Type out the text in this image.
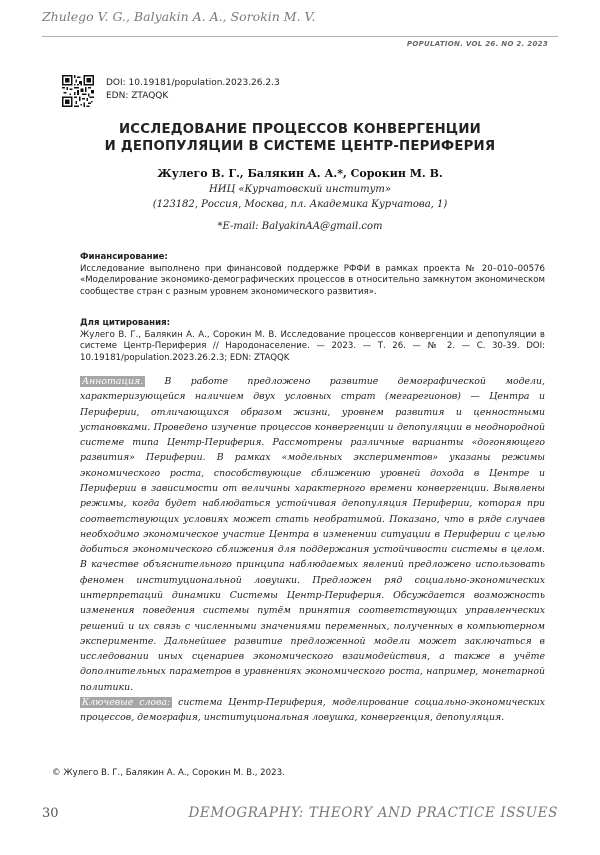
Zhulego V. G., Balyakin A. A., Sorokin M. V.
POPULATION. VOL 26. NO 2. 2023
DOI: 10.19181/population.2023.26.2.3
EDN: ZTAQQK
ИССЛЕДОВАНИЕ ПРОЦЕССОВ КОНВЕРГЕНЦИИ
И ДЕПОПУЛЯЦИИ В СИСТЕМЕ ЦЕНТР-ПЕРИФЕРИЯ
Жулего В. Г., Балякин А. А.*, Сорокин М. В.
НИЦ «Курчатовский институт»
(123182, Россия, Москва, пл. Академика Курчатова, 1)
*E-mail: BalyakinAA@gmail.com
Финансирование:
Исследование выполнено при финансовой поддержке РФФИ в рамках проекта № 20–010–00576 «Моделирование экономико-демографических процессов в относительно замкнутом экономическом сообществе стран с разным уровнем экономического развития».
Для цитирования:
Жулего В. Г., Балякин А. А., Сорокин М. В. Исследование процессов конвергенции и депопуляции в системе Центр-Периферия // Народонаселение. — 2023. — Т. 26. — № 2. — С. 30-39. DOI: 10.19181/population.2023.26.2.3; EDN: ZTAQQK
Аннотация. В работе предложено развитие демографической модели, характеризующейся наличием двух условных страт (мегарегионов) — Центра и Периферии, отличающихся образом жизни, уровнем развития и ценностными установками. Проведено изучение процессов конвергенции и депопуляции в неоднородной системе типа Центр-Периферия. Рассмотрены различные варианты «догоняющего развития» Периферии. В рамках «модельных экспериментов» указаны режимы экономического роста, способствующие сближению уровней дохода в Центре и Периферии в зависимости от величины характерного времени конвергенции. Выявлены режимы, когда будет наблюдаться устойчивая депопуляция Периферии, которая при соответствующих условиях может стать необратимой. Показано, что в ряде случаев необходимо экономическое участие Центра в изменении ситуации в Периферии с целью добиться экономического сближения для поддержания устойчивости системы в целом. В качестве объяснительного принципа наблюдаемых явлений предложено использовать феномен институциональной ловушки. Предложен ряд социально-экономических интерпретаций динамики Системы Центр-Периферия. Обсуждается возможность изменения поведения системы путём принятия соответствующих управленческих решений и их связь с численными значениями переменных, полученных в компьютерном эксперименте. Дальнейшее развитие предложенной модели может заключаться в исследовании иных сценариев экономического взаимодействия, а также в учёте дополнительных параметров в уравнениях экономического роста, например, монетарной политики.
Ключевые слова: система Центр-Периферия, моделирование социально-экономических процессов, демография, институциональная ловушка, конвергенция, депопуляция.
© Жулего В. Г., Балякин А. А., Сорокин М. В., 2023.
30	DEMOGRAPHY: THEORY AND PRACTICE ISSUES
